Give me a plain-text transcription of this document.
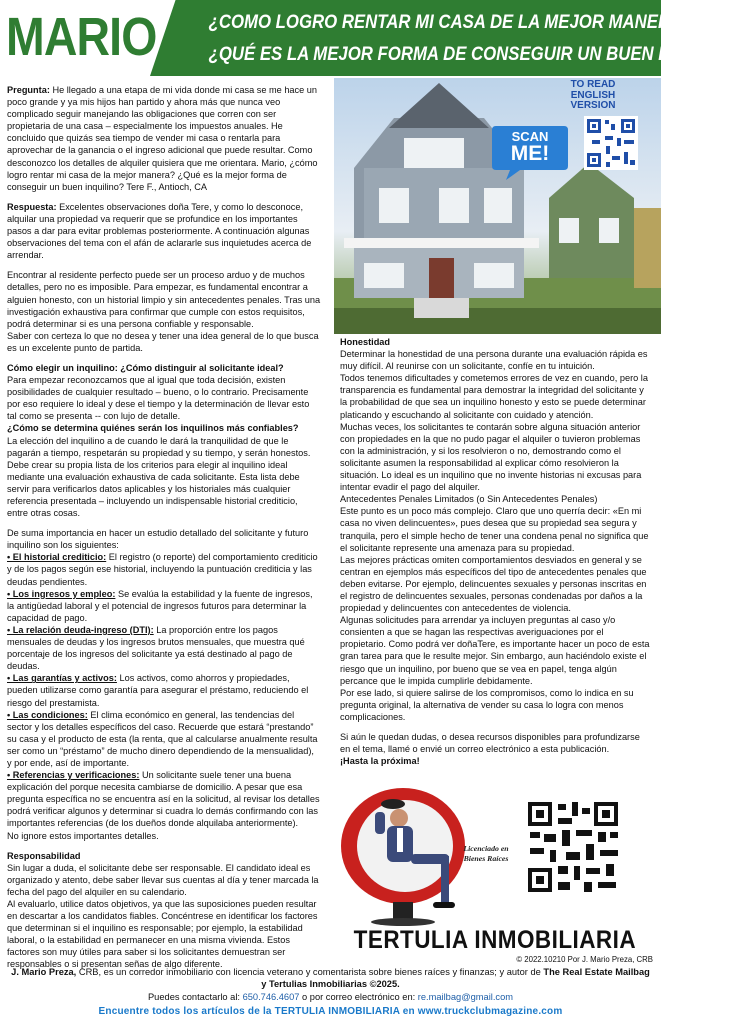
MARIO	¿COMO LOGRO RENTAR MI CASA DE LA MEJOR MANERA?
¿QUÉ ES LA MEJOR FORMA DE CONSEGUIR UN BUEN INQUILINO?

Pregunta: He llegado a una etapa de mi vida donde mi casa se me hace un poco grande y ya mis hijos han partido y ahora más que nunca veo complicado seguir manejando las obligaciones que corren con ser propietaria de una casa – especialmente los impuestos anuales. He concluido que quizás sea tiempo de vender mi casa o rentarla para aprovechar de la ganancia o el ingreso adicional que puede resultar. Como desconozco los detalles de alquiler quisiera que me orientara. Mario, ¿cómo logro rentar mi casa de la mejor manera? ¿Qué es la mejor forma de conseguir un buen inquilino? Tere F., Antioch, CA

Respuesta: Excelentes observaciones doña Tere, y como lo desconoce, alquilar una propiedad va requerir que se profundice en los importantes pasos a dar para evitar problemas posteriormente. A continuación algunas observaciones del tema con el afán de aclararle sus inquietudes acerca de arrendar.

Encontrar al residente perfecto puede ser un proceso arduo y de muchos detalles, pero no es imposible. Para empezar, es fundamental encontrar a alguien honesto, con un historial limpio y sin antecedentes penales. Tras una investigación exhaustiva para confirmar que cumple con estos requisitos, podrá determinar si es una persona confiable y responsable.

Saber con certeza lo que no desea y tener una idea general de lo que busca es un excelente punto de partida.

Cómo elegir un inquilino: ¿Cómo distinguir al solicitante ideal?

Para empezar reconozcamos que al igual que toda decisión, existen posibilidades de cualquier resultado – bueno, o lo contrario. Precisamente por eso requiere lo ideal y dese el tiempo y la determinación de llevar esto tal como se presenta -- con lujo de detalle.

¿Cómo se determina quiénes serán los inquilinos más confiables?

La elección del inquilino a de cuando le dará la tranquilidad de que le pagarán a tiempo, respetarán su propiedad y su tiempo, y serán honestos. Debe crear su propia lista de los criterios para elegir al inquilino ideal mediante una evaluación exhaustiva de cada solicitante. Esta lista debe servir para verificarlos datos aplicables y los historiales más cualquier referencia presentada – incluyendo un indispensable historial crediticio, entre otras cosas.

De suma importancia en hacer un estudio detallado del solicitante y futuro inquilino son los siguientes:

• El historial crediticio: El registro (o reporte) del comportamiento crediticio y de los pagos según ese historial, incluyendo la puntuación crediticia y las deudas pendientes.

• Los ingresos y empleo: Se evalúa la estabilidad y la fuente de ingresos, la antigüedad laboral y el potencial de ingresos futuros para determinar la capacidad de pago.

• La relación deuda-ingreso (DTI): La proporción entre los pagos mensuales de deudas y los ingresos brutos mensuales, que muestra qué porcentaje de los ingresos del solicitante ya está destinado al pago de deudas.

• Las garantías y activos: Los activos, como ahorros y propiedades, pueden utilizarse como garantía para asegurar el préstamo, reduciendo el riesgo del prestamista.

• Las condiciones: El clima económico en general, las tendencias del sector y los detalles específicos del caso. Recuerde que estará “prestando” su casa y el producto de esta (la renta, que al calcularse anualmente resulta ser como un “préstamo” de mucho dinero dependiendo de la mensualidad), y por ende, así de importante.

• Referencias y verificaciones: Un solicitante suele tener una buena explicación del porque necesita cambiarse de domicilio. A pesar que esa pregunta específica no se encuentra así en la solicitud, al revisar los detalles podrá verificar algunos y determinar si cuadra lo demás confirmando con las importantes referencias (de los dueños donde alquilaba anteriormente).

No ignore estos importantes detalles.

Responsabilidad

Sin lugar a duda, el solicitante debe ser responsable. El candidato ideal es organizado y atento, debe saber llevar sus cuentas al día y tener marcada la fecha del pago del alquiler en su calendario.

Al evaluarlo, utilice datos objetivos, ya que las suposiciones pueden resultar en descartar a los candidatos fiables. Concéntrese en identificar los factores que determinan si el inquilino es responsable; por ejemplo, la estabilidad laboral, o la estabilidad en permanecer en una misma vivienda. Estos factores son muy útiles para saber si los solicitantes demuestran ser responsables o si presentan señas de algo diferente.

TO READ
ENGLISH
VERSION
SCAN
ME!

Honestidad

Determinar la honestidad de una persona durante una evaluación rápida es muy difícil. Al reunirse con un solicitante, confíe en tu intuición.

Todos tenemos dificultades y cometemos errores de vez en cuando, pero la transparencia es fundamental para demostrar la integridad del solicitante y la probabilidad de que sea un inquilino honesto y esto se puede determinar platicando y escuchando al solicitante con cuidado y atención.

Muchas veces, los solicitantes te contarán sobre alguna situación anterior con propiedades en la que no pudo pagar el alquiler o tuvieron problemas con la administración, y si los resolvieron o no, demostrando como el solicitante asumen la responsabilidad al explicar cómo resolvieron la situación. Lo ideal es un inquilino que no invente historias ni excusas para intentar evadir el pago del alquiler.

Antecedentes Penales Limitados (o Sin Antecedentes Penales)

Este punto es un poco más complejo. Claro que uno querría decir: «En mi casa no viven delincuentes», pues desea que su propiedad sea segura y tranquila, pero el simple hecho de tener una condena penal no significa que el solicitante represente una amenaza para su propiedad.

Las mejores prácticas omiten comportamientos desviados en general y se centran en ejemplos más específicos del tipo de antecedentes penales que deben evitarse. Por ejemplo, delincuentes sexuales y personas inscritas en el registro de delincuentes sexuales, personas condenadas por daños a la propiedad y delincuentes con antecedentes de violencia.

Algunas solicitudes para arrendar ya incluyen preguntas al caso y/o consienten a que se hagan las respectivas averiguaciones por el propietario. Como podrá ver doñaTere, es importante hacer un poco de esta gran tarea para que le resulte mejor. Sin embargo, aun haciéndolo existe el riesgo que un inquilino, por bueno que se vea en papel, tenga algún percance que le impida cumplirle debidamente.

Por ese lado, si quiere salirse de los compromisos, como lo indica en su pregunta original, la alternativa de vender su casa lo logra con menos complicaciones.

Si aún le quedan dudas, o desea recursos disponibles para profundizarse en el tema, llamé o envié un correo electrónico a esta publicación.

¡Hasta la próxima!

Licenciado en
Bienes Raíces
TERTULIA INMOBILIARIA
© 2022.10210 Por J. Mario Preza, CRB
J. Mario Preza, CRB, es un corredor inmobiliario con licencia veterano y comentarista sobre bienes raíces y finanzas; y autor de The Real Estate Mailbag y Tertulias Inmobiliarias ©2025.
Puedes contactarlo al: 650.746.4607 o por correo electrónico en: re.mailbag@gmail.com
Encuentre todos los artículos de la TERTULIA INMOBILIARIA en www.truckclubmagazine.com
